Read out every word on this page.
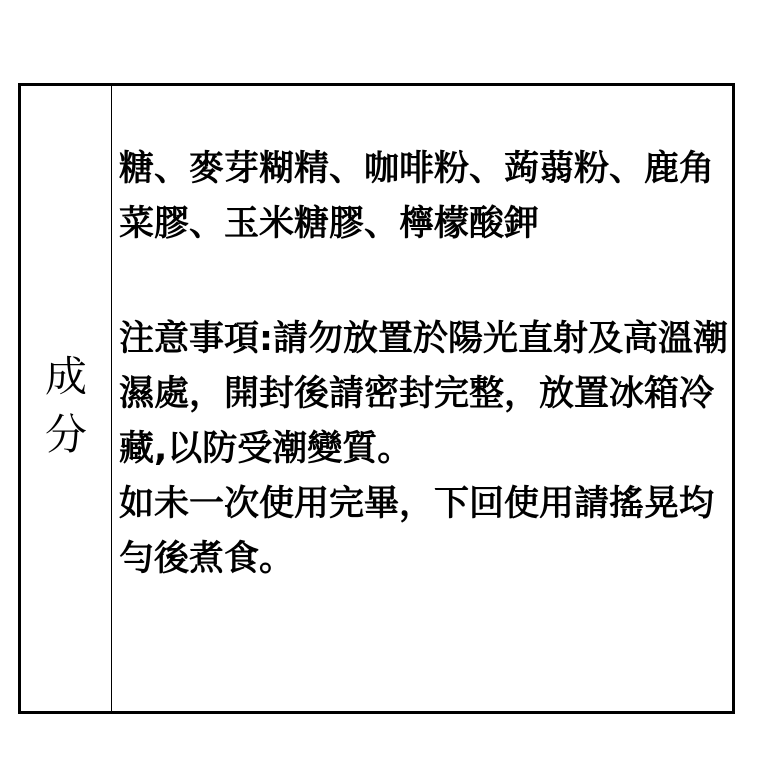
成分

糖、麥芽糊精、咖啡粉、蒟蒻粉、鹿角菜膠、玉米糖膠、檸檬酸鉀

注意事項:請勿放置於陽光直射及高溫潮濕處，開封後請密封完整，放置冰箱冷藏,以防受潮變質。

如未一次使用完畢，下回使用請搖晃均勻後煮食。
